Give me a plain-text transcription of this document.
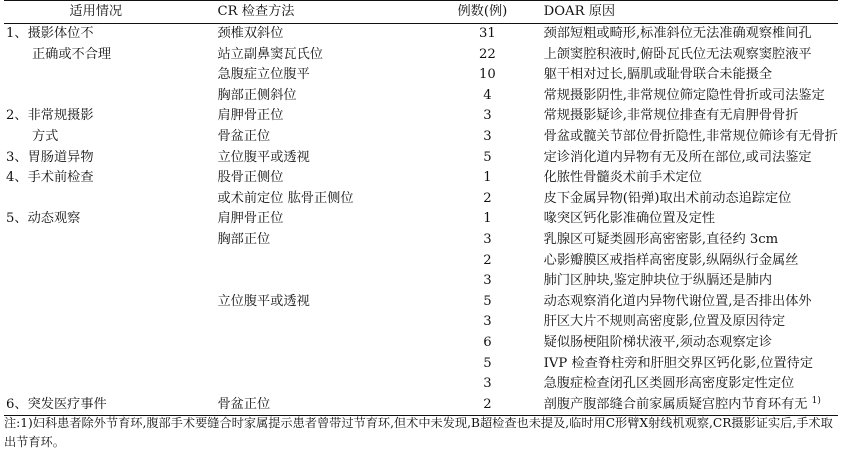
适用情况	CR 检查方法	例数(例)	DOAR 原因
1、摄影体位不	颈椎双斜位	31	颈部短粗或畸形,标准斜位无法准确观察椎间孔
正确或不合理	站立副鼻窦瓦氏位	22	上颌窦腔积液时,俯卧瓦氏位无法观察窦腔液平
	急腹症立位腹平	10	躯干相对过长,膈肌或耻骨联合未能摄全
	胸部正侧斜位	4	常规摄影阴性,非常规位筛定隐性骨折或司法鉴定
2、非常规摄影	肩胛骨正位	3	常规摄影疑诊,非常规位排查有无肩胛骨骨折
方式	骨盆正位	3	骨盆或髋关节部位骨折隐性,非常规位筛诊有无骨折
3、胃肠道异物	立位腹平或透视	5	定诊消化道内异物有无及所在部位,或司法鉴定
4、手术前检查	股骨正侧位	1	化脓性骨髓炎术前手术定位
	或术前定位 肱骨正侧位	2	皮下金属异物(铅弹)取出术前动态追踪定位
5、动态观察	肩胛骨正位	1	喙突区钙化影准确位置及定性
	胸部正位	3	乳腺区可疑类圆形高密密影,直径约 3cm
		2	心影瓣膜区戒指样高密度影,纵隔纵行金属丝
		3	肺门区肿块,鉴定肿块位于纵膈还是肺内
	立位腹平或透视	5	动态观察消化道内异物代谢位置,是否排出体外
		3	肝区大片不规则高密度影,位置及原因待定
		6	疑似肠梗阻阶梯状液平,须动态观察定诊
		5	IVP 检查脊柱旁和肝胆交界区钙化影,位置待定
		3	急腹症检查闭孔区类圆形高密度影定性定位
6、突发医疗事件	骨盆正位	2	剖腹产腹部缝合前家属质疑宫腔内节育环有无 $^{1)}$
注:1)妇科患者除外节育环,腹部手术要缝合时家属提示患者曾带过节育环,但术中未发现,B超检查也未提及,临时用C形臂X射线机观察,CR摄影证实后,手术取出节育环。
